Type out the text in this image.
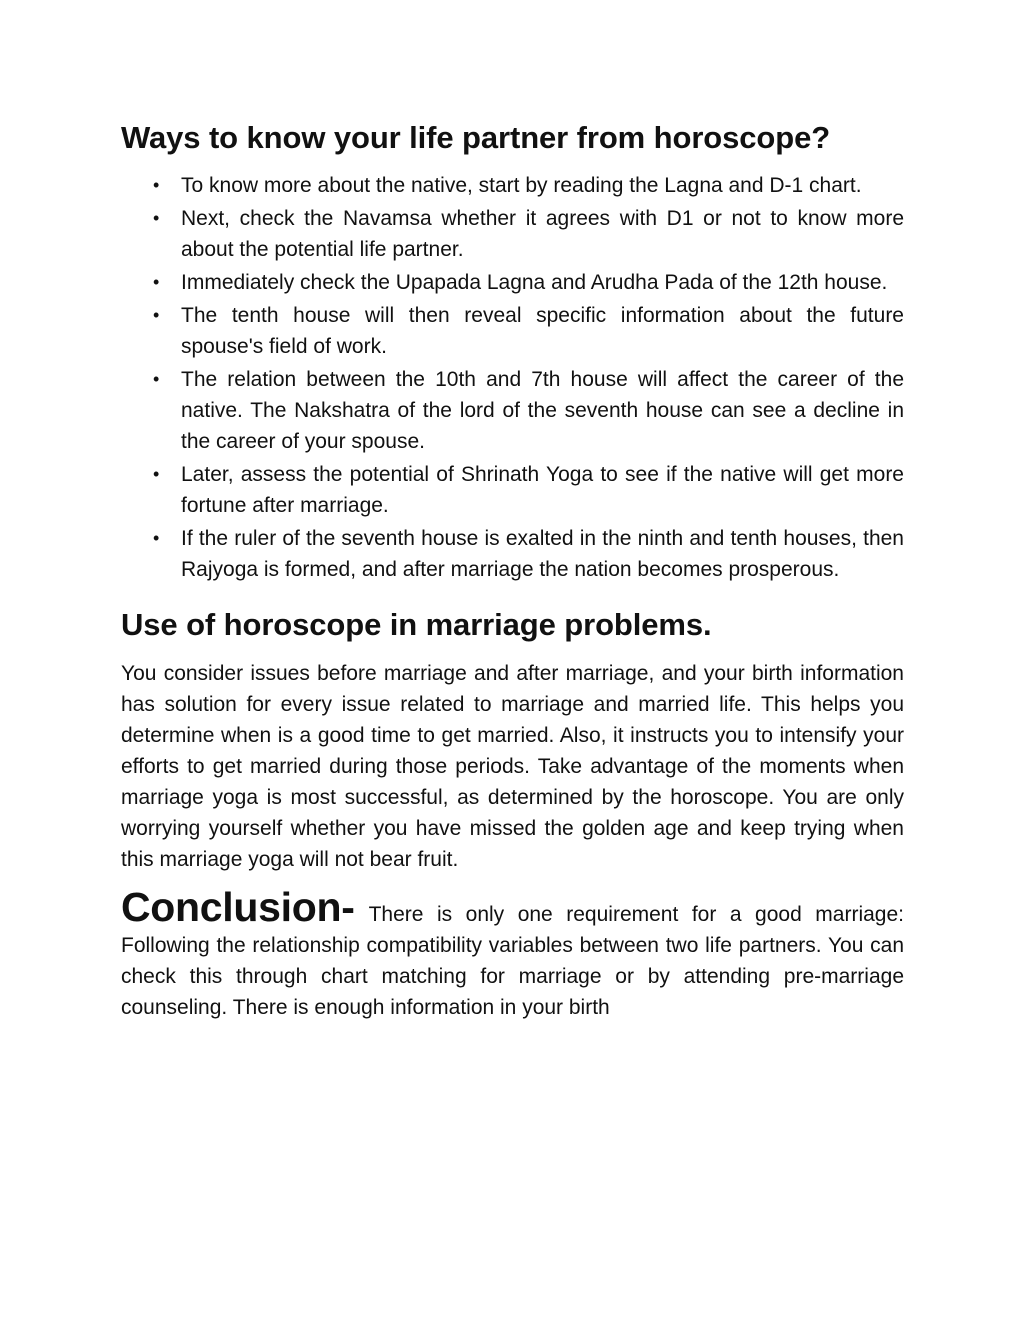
Ways to know your life partner from horoscope?
• To know more about the native, start by reading the Lagna and D-1 chart.
• Next, check the Navamsa whether it agrees with D1 or not to know more about the potential life partner.
• Immediately check the Upapada Lagna and Arudha Pada of the 12th house.
• The tenth house will then reveal specific information about the future spouse's field of work.
• The relation between the 10th and 7th house will affect the career of the native. The Nakshatra of the lord of the seventh house can see a decline in the career of your spouse.
• Later, assess the potential of Shrinath Yoga to see if the native will get more fortune after marriage.
• If the ruler of the seventh house is exalted in the ninth and tenth houses, then Rajyoga is formed, and after marriage the nation becomes prosperous.
Use of horoscope in marriage problems.

You consider issues before marriage and after marriage, and your birth information has solution for every issue related to marriage and married life. This helps you determine when is a good time to get married. Also, it instructs you to intensify your efforts to get married during those periods. Take advantage of the moments when marriage yoga is most successful, as determined by the horoscope. You are only worrying yourself whether you have missed the golden age and keep trying when this marriage yoga will not bear fruit.

Conclusion- There is only one requirement for a good marriage: Following the relationship compatibility variables between two life partners. You can check this through chart matching for marriage or by attending pre-marriage counseling. There is enough information in your birth
